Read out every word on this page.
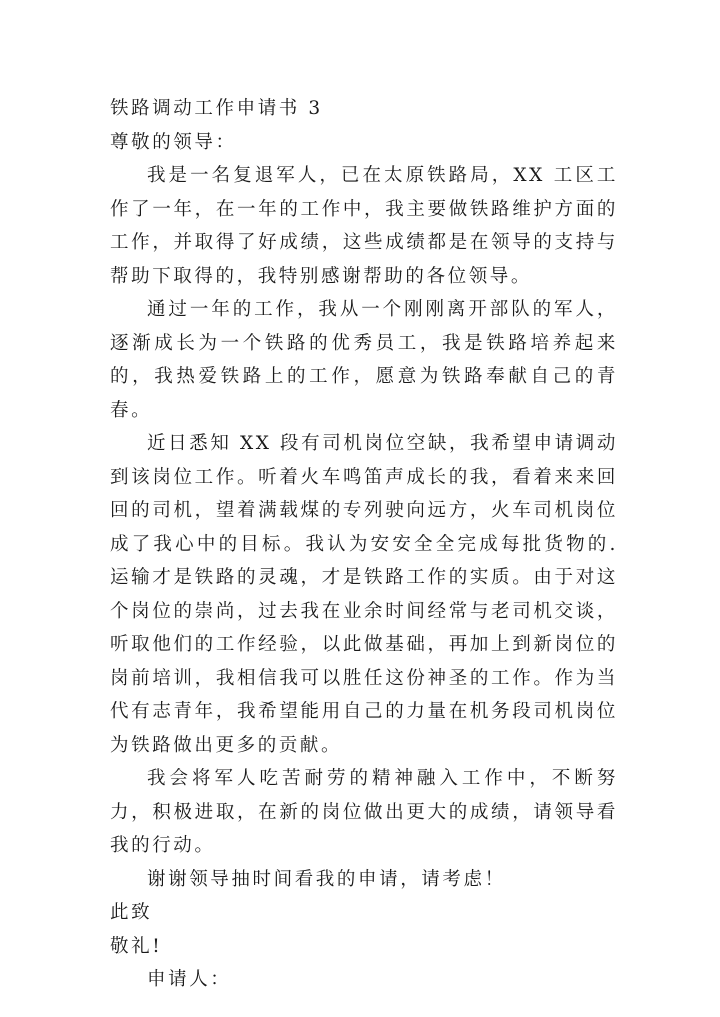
铁路调动工作申请书 3

尊敬的领导：

我是一名复退军人，已在太原铁路局，XX 工区工作了一年，在一年的工作中，我主要做铁路维护方面的工作，并取得了好成绩，这些成绩都是在领导的支持与帮助下取得的，我特别感谢帮助的各位领导。

通过一年的工作，我从一个刚刚离开部队的军人，逐渐成长为一个铁路的优秀员工，我是铁路培养起来的，我热爱铁路上的工作，愿意为铁路奉献自己的青春。

近日悉知 XX 段有司机岗位空缺，我希望申请调动到该岗位工作。听着火车鸣笛声成长的我，看着来来回回的司机，望着满载煤的专列驶向远方，火车司机岗位成了我心中的目标。我认为安安全全完成每批货物的.运输才是铁路的灵魂，才是铁路工作的实质。由于对这个岗位的崇尚，过去我在业余时间经常与老司机交谈，听取他们的工作经验，以此做基础，再加上到新岗位的岗前培训，我相信我可以胜任这份神圣的工作。作为当代有志青年，我希望能用自己的力量在机务段司机岗位为铁路做出更多的贡献。

我会将军人吃苦耐劳的精神融入工作中，不断努力，积极进取，在新的岗位做出更大的成绩，请领导看我的行动。

谢谢领导抽时间看我的申请，请考虑！

此致

敬礼!

申请人：
